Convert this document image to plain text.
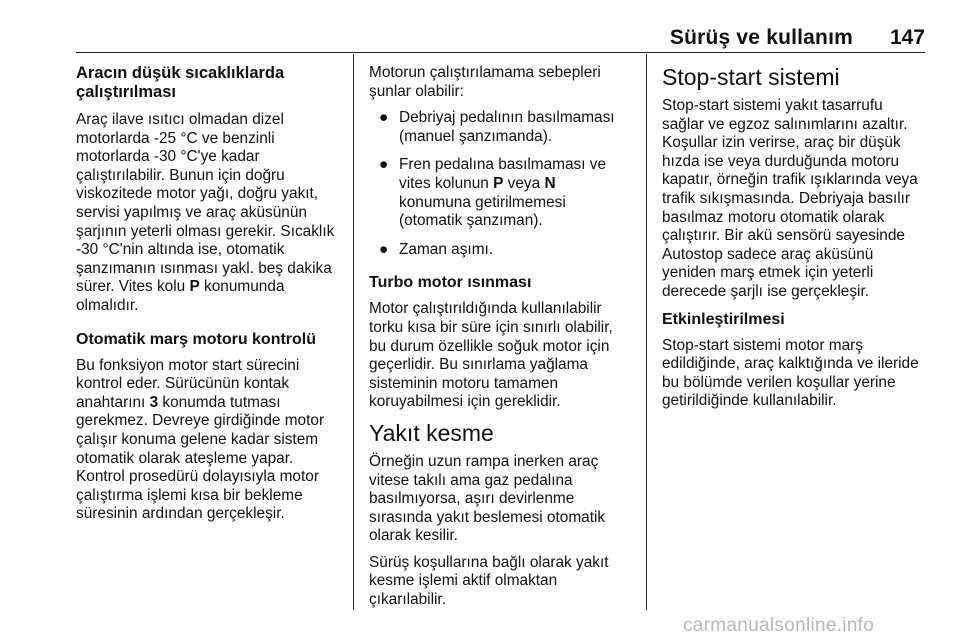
Sürüş ve kullanım 147
Aracın düşük sıcaklıklarda çalıştırılması

Araç ilave ısıtıcı olmadan dizel motorlarda -25 °C ve benzinli motorlarda -30 °C'ye kadar çalıştırılabilir. Bunun için doğru viskozitede motor yağı, doğru yakıt, servisi yapılmış ve araç aküsünün şarjının yeterli olması gerekir. Sıcaklık -30 °C'nin altında ise, otomatik şanzımanın ısınması yakl. beş dakika sürer. Vites kolu P konumunda olmalıdır.

Otomatik marş motoru kontrolü

Bu fonksiyon motor start sürecini kontrol eder. Sürücünün kontak anahtarını 3 konumda tutması gerekmez. Devreye girdiğinde motor çalışır konuma gelene kadar sistem otomatik olarak ateşleme yapar. Kontrol prosedürü dolayısıyla motor çalıştırma işlemi kısa bir bekleme süresinin ardından gerçekleşir.

Motorun çalıştırılamama sebepleri şunlar olabilir:

● Debriyaj pedalının basılmaması (manuel şanzımanda).
● Fren pedalına basılmaması ve vites kolunun P veya N konumuna getirilmemesi (otomatik şanzıman).
● Zaman aşımı.
Turbo motor ısınması

Motor çalıştırıldığında kullanılabilir torku kısa bir süre için sınırlı olabilir, bu durum özellikle soğuk motor için geçerlidir. Bu sınırlama yağlama sisteminin motoru tamamen koruyabilmesi için gereklidir.

Yakıt kesme

Örneğin uzun rampa inerken araç vitese takılı ama gaz pedalına basılmıyorsa, aşırı devirlenme sırasında yakıt beslemesi otomatik olarak kesilir.

Sürüş koşullarına bağlı olarak yakıt kesme işlemi aktif olmaktan çıkarılabilir.

Stop-start sistemi

Stop-start sistemi yakıt tasarrufu sağlar ve egzoz salınımlarını azaltır. Koşullar izin verirse, araç bir düşük hızda ise veya durduğunda motoru kapatır, örneğin trafik ışıklarında veya trafik sıkışmasında. Debriyaja basılır basılmaz motoru otomatik olarak çalıştırır. Bir akü sensörü sayesinde Autostop sadece araç aküsünü yeniden marş etmek için yeterli derecede şarjlı ise gerçekleşir.

Etkinleştirilmesi

Stop-start sistemi motor marş edildiğinde, araç kalktığında ve ileride bu bölümde verilen koşullar yerine getirildiğinde kullanılabilir.

carmanualsonline.info
